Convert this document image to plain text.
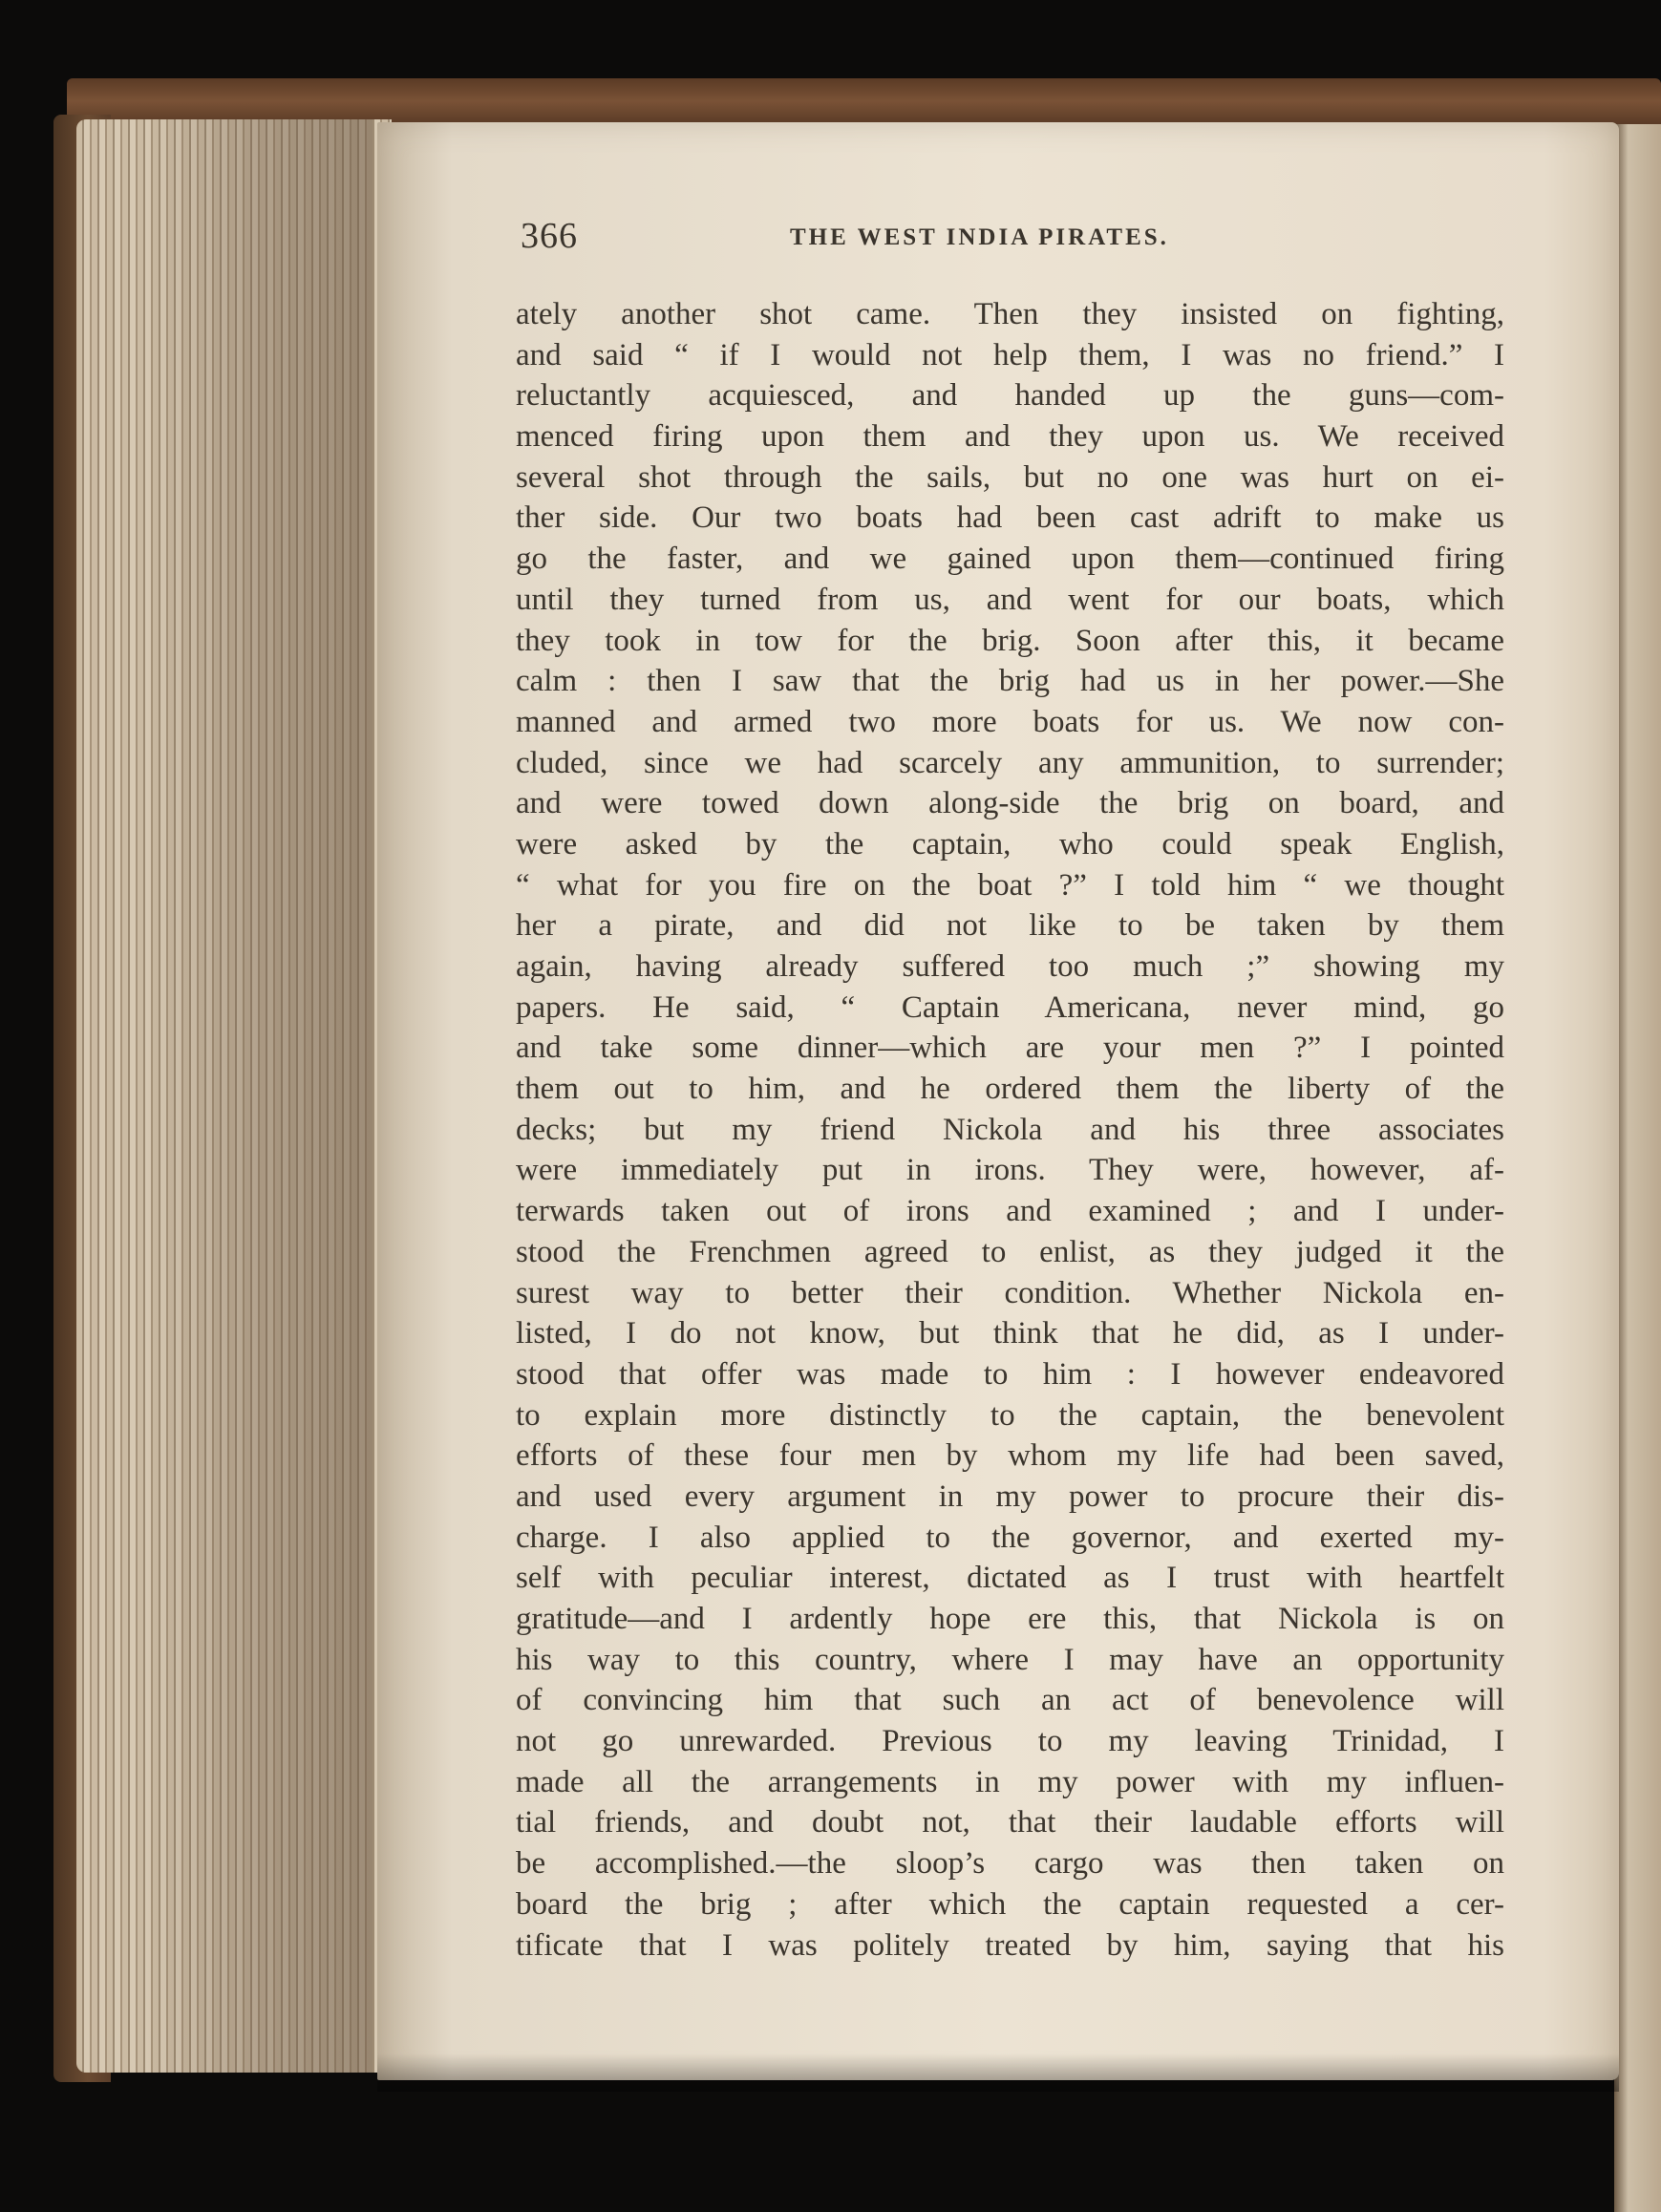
366	THE WEST INDIA PIRATES.
ately another shot came. Then they insisted on fighting,
and said “ if I would not help them, I was no friend.” I
reluctantly acquiesced, and handed up the guns—com-
menced firing upon them and they upon us. We received
several shot through the sails, but no one was hurt on ei-
ther side. Our two boats had been cast adrift to make us
go the faster, and we gained upon them—continued firing
until they turned from us, and went for our boats, which
they took in tow for the brig. Soon after this, it became
calm : then I saw that the brig had us in her power.—She
manned and armed two more boats for us. We now con-
cluded, since we had scarcely any ammunition, to surrender;
and were towed down along-side the brig on board, and
were asked by the captain, who could speak English,
“ what for you fire on the boat ?” I told him “ we thought
her a pirate, and did not like to be taken by them
again, having already suffered too much ;” showing my
papers. He said, “ Captain Americana, never mind, go
and take some dinner—which are your men ?” I pointed
them out to him, and he ordered them the liberty of the
decks; but my friend Nickola and his three associates
were immediately put in irons. They were, however, af-
terwards taken out of irons and examined ; and I under-
stood the Frenchmen agreed to enlist, as they judged it the
surest way to better their condition. Whether Nickola en-
listed, I do not know, but think that he did, as I under-
stood that offer was made to him : I however endeavored
to explain more distinctly to the captain, the benevolent
efforts of these four men by whom my life had been saved,
and used every argument in my power to procure their dis-
charge. I also applied to the governor, and exerted my-
self with peculiar interest, dictated as I trust with heartfelt
gratitude—and I ardently hope ere this, that Nickola is on
his way to this country, where I may have an opportunity
of convincing him that such an act of benevolence will
not go unrewarded. Previous to my leaving Trinidad, I
made all the arrangements in my power with my influen-
tial friends, and doubt not, that their laudable efforts will
be accomplished.—the sloop’s cargo was then taken on
board the brig ; after which the captain requested a cer-
tificate that I was politely treated by him, saying that his
